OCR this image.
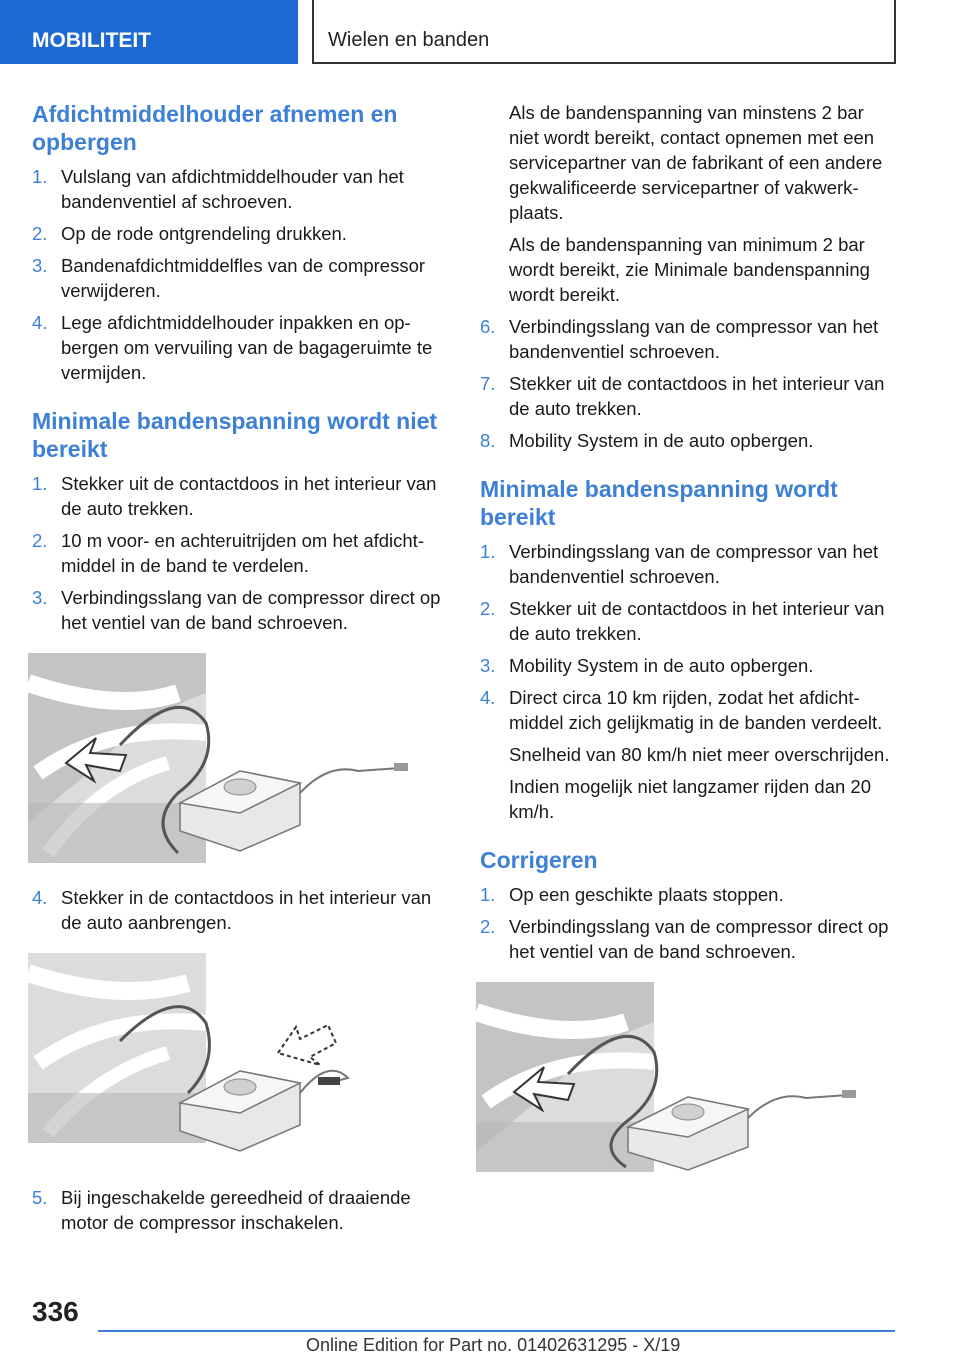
MOBILITEIT	Wielen en banden
Afdichtmiddelhouder afnemen en opbergen
1. Vulslang van afdichtmiddelhouder van het bandenventiel af schroeven.
2. Op de rode ontgrendeling drukken.
3. Bandenafdichtmiddelfles van de compressor verwijderen.
4. Lege afdichtmiddelhouder inpakken en opbergen om vervuiling van de bagageruimte te vermijden.
Minimale bandenspanning wordt niet bereikt
1. Stekker uit de contactdoos in het interieur van de auto trekken.
2. 10 m voor- en achteruitrijden om het afdichtmiddel in de band te verdelen.
3. Verbindingsslang van de compressor direct op het ventiel van de band schroeven.
4. Stekker in de contactdoos in het interieur van de auto aanbrengen.
5. Bij ingeschakelde gereedheid of draaiende motor de compressor inschakelen.

Als de bandenspanning van minstens 2 bar niet wordt bereikt, contact opnemen met een servicepartner van de fabrikant of een andere gekwalificeerde servicepartner of vakwerkplaats.

Als de bandenspanning van minimum 2 bar wordt bereikt, zie Minimale bandenspanning wordt bereikt.

6. Verbindingsslang van de compressor van het bandenventiel schroeven.
7. Stekker uit de contactdoos in het interieur van de auto trekken.
8. Mobility System in de auto opbergen.
Minimale bandenspanning wordt bereikt
1. Verbindingsslang van de compressor van het bandenventiel schroeven.
2. Stekker uit de contactdoos in het interieur van de auto trekken.
3. Mobility System in de auto opbergen.
4. Direct circa 10 km rijden, zodat het afdichtmiddel zich gelijkmatig in de banden verdeelt.

Snelheid van 80 km/h niet meer overschrijden.

Indien mogelijk niet langzamer rijden dan 20 km/h.

Corrigeren
1. Op een geschikte plaats stoppen.
2. Verbindingsslang van de compressor direct op het ventiel van de band schroeven.
336
Online Edition for Part no. 01402631295 - X/19
